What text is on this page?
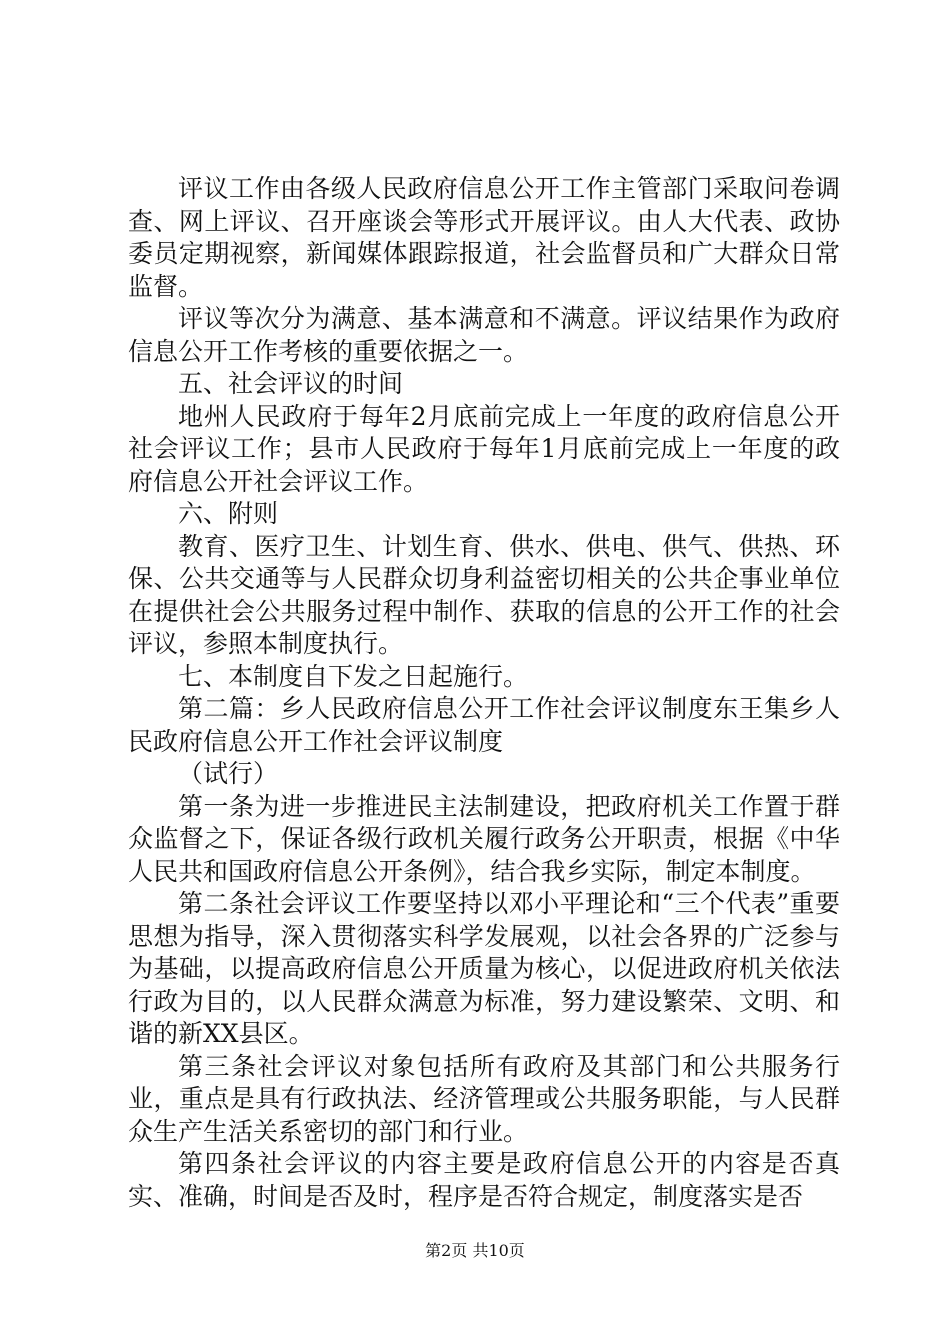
评议工作由各级人民政府信息公开工作主管部门采取问卷调查、网上评议、召开座谈会等形式开展评议。由人大代表、政协委员定期视察，新闻媒体跟踪报道，社会监督员和广大群众日常监督。

评议等次分为满意、基本满意和不满意。评议结果作为政府信息公开工作考核的重要依据之一。

五、社会评议的时间

地州人民政府于每年2月底前完成上一年度的政府信息公开社会评议工作；县市人民政府于每年1月底前完成上一年度的政府信息公开社会评议工作。

六、附则

教育、医疗卫生、计划生育、供水、供电、供气、供热、环保、公共交通等与人民群众切身利益密切相关的公共企事业单位在提供社会公共服务过程中制作、获取的信息的公开工作的社会评议，参照本制度执行。

七、本制度自下发之日起施行。

第二篇：乡人民政府信息公开工作社会评议制度东王集乡人民政府信息公开工作社会评议制度

（试行）

第一条为进一步推进民主法制建设，把政府机关工作置于群众监督之下，保证各级行政机关履行政务公开职责，根据《中华人民共和国政府信息公开条例》，结合我乡实际，制定本制度。

第二条社会评议工作要坚持以邓小平理论和“三个代表”重要思想为指导，深入贯彻落实科学发展观，以社会各界的广泛参与为基础，以提高政府信息公开质量为核心，以促进政府机关依法行政为目的，以人民群众满意为标准，努力建设繁荣、文明、和谐的新XX县区。

第三条社会评议对象包括所有政府及其部门和公共服务行业，重点是具有行政执法、经济管理或公共服务职能，与人民群众生产生活关系密切的部门和行业。

第四条社会评议的内容主要是政府信息公开的内容是否真实、准确，时间是否及时，程序是否符合规定，制度落实是否

第2页 共10页
